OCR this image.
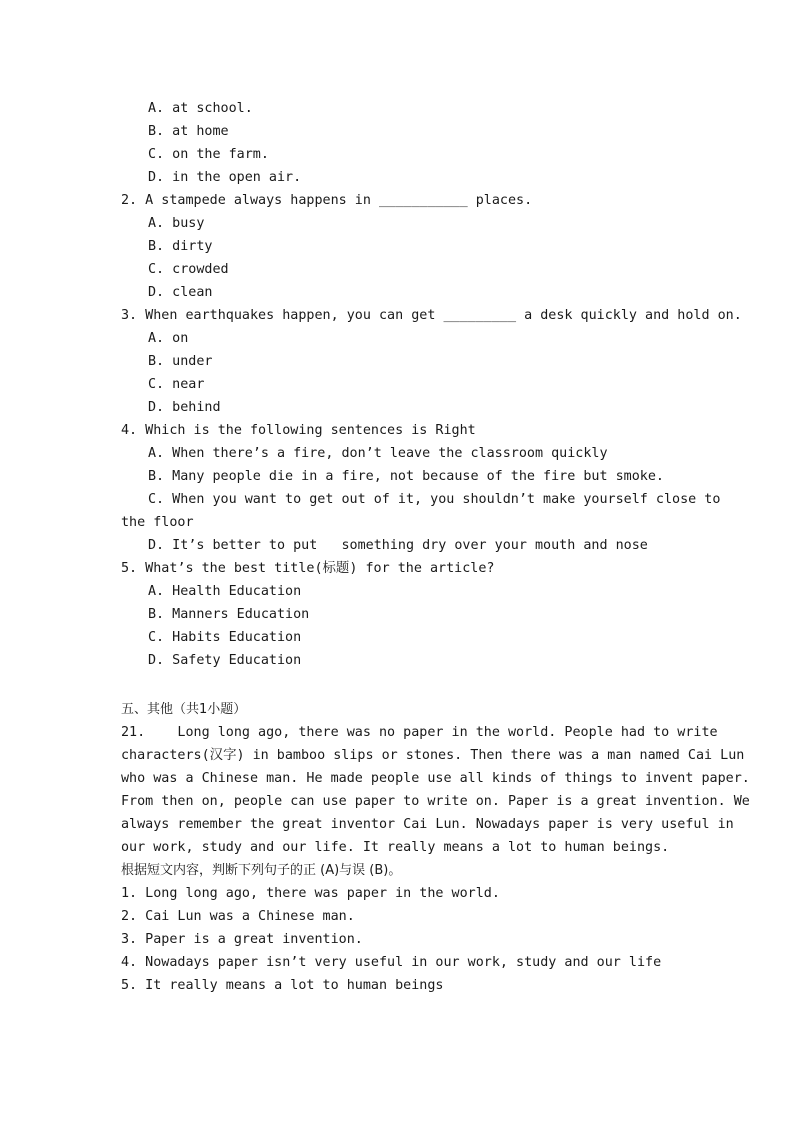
A. at school.
B. at home
C. on the farm.
D. in the open air.
2. A stampede always happens in ___________ places.
A. busy
B. dirty
C. crowded
D. clean
3. When earthquakes happen, you can get _________ a desk quickly and hold on.
A. on
B. under
C. near
D. behind
4. Which is the following sentences is Right
A. When there’s a fire, don’t leave the classroom quickly
B. Many people die in a fire, not because of the fire but smoke.
C. When you want to get out of it, you shouldn’t make yourself close to
the floor
D. It’s better to put   something dry over your mouth and nose
5. What’s the best title(标题) for the article?
A. Health Education
B. Manners Education
C. Habits Education
D. Safety Education
五、其他（共1小题）
21.    Long long ago, there was no paper in the world. People had to write
characters(汉字) in bamboo slips or stones. Then there was a man named Cai Lun
who was a Chinese man. He made people use all kinds of things to invent paper.
From then on, people can use paper to write on. Paper is a great invention. We
always remember the great inventor Cai Lun. Nowadays paper is very useful in
our work, study and our life. It really means a lot to human beings.
根据短文内容，判断下列句子的正 (A)与误 (B)。
1. Long long ago, there was paper in the world.
2. Cai Lun was a Chinese man.
3. Paper is a great invention.
4. Nowadays paper isn’t very useful in our work, study and our life
5. It really means a lot to human beings
